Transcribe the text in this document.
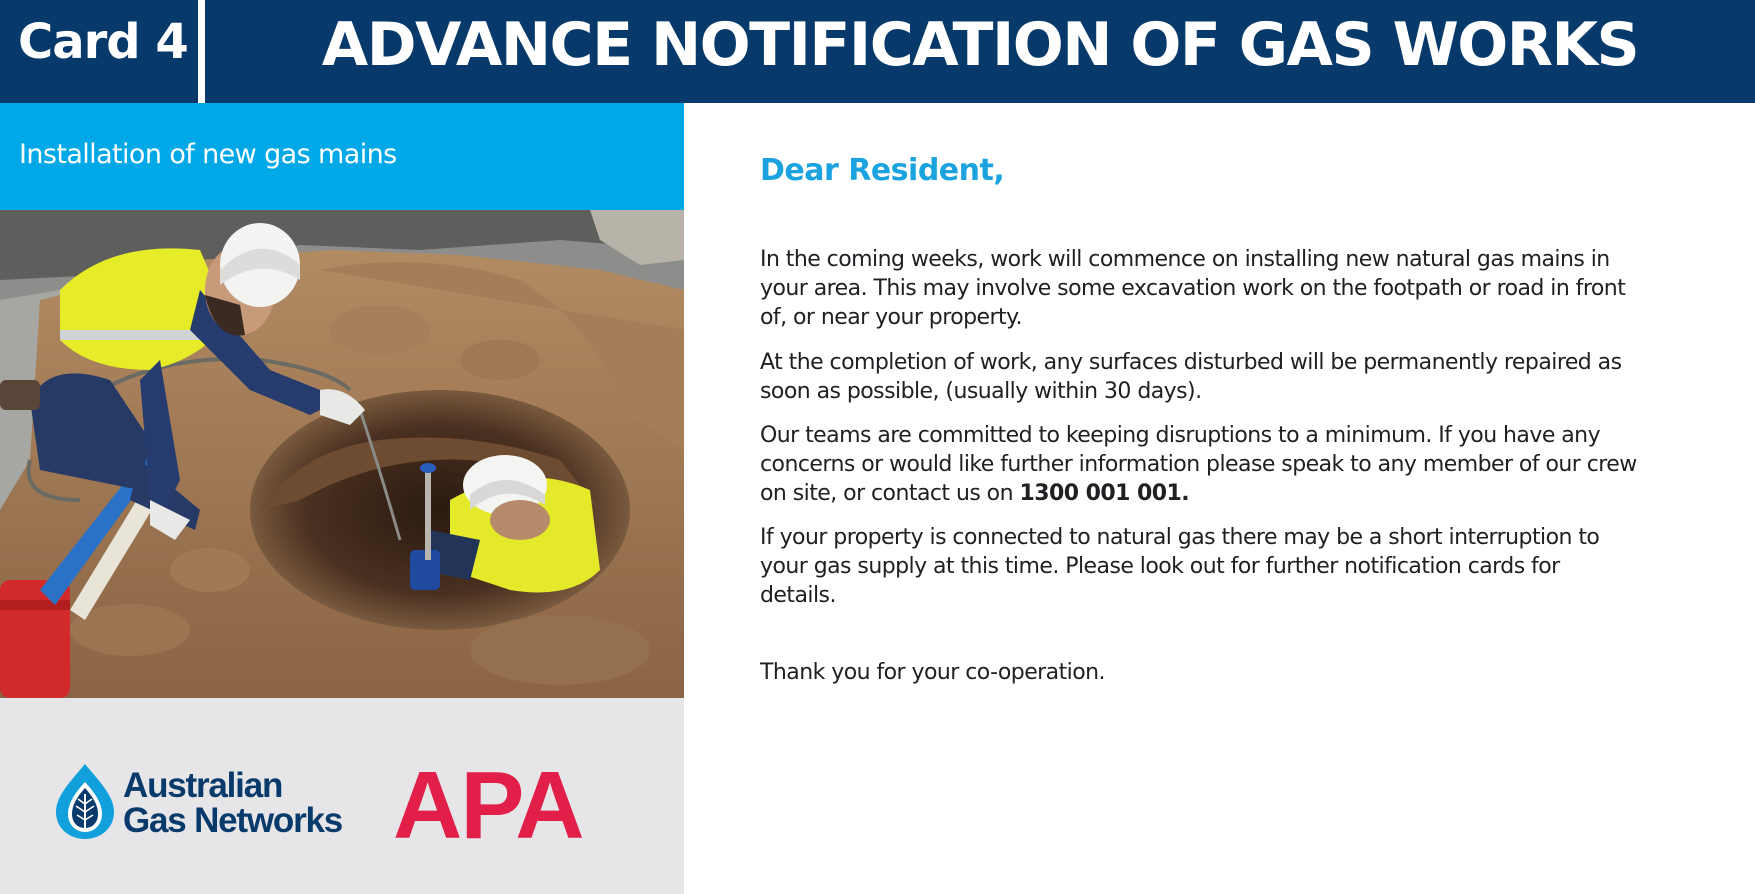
Card 4	ADVANCE NOTIFICATION OF GAS WORKS
Installation of new gas mains
Australian
Gas Networks APA
Dear Resident,
In the coming weeks, work will commence on installing new natural gas mains in your area. This may involve some excavation work on the footpath or road in front of, or near your property.
At the completion of work, any surfaces disturbed will be permanently repaired as soon as possible, (usually within 30 days).
Our teams are committed to keeping disruptions to a minimum. If you have any concerns or would like further information please speak to any member of our crew on site, or contact us on 1300 001 001.
If your property is connected to natural gas there may be a short interruption to your gas supply at this time. Please look out for further notification cards for details.
Thank you for your co-operation.
